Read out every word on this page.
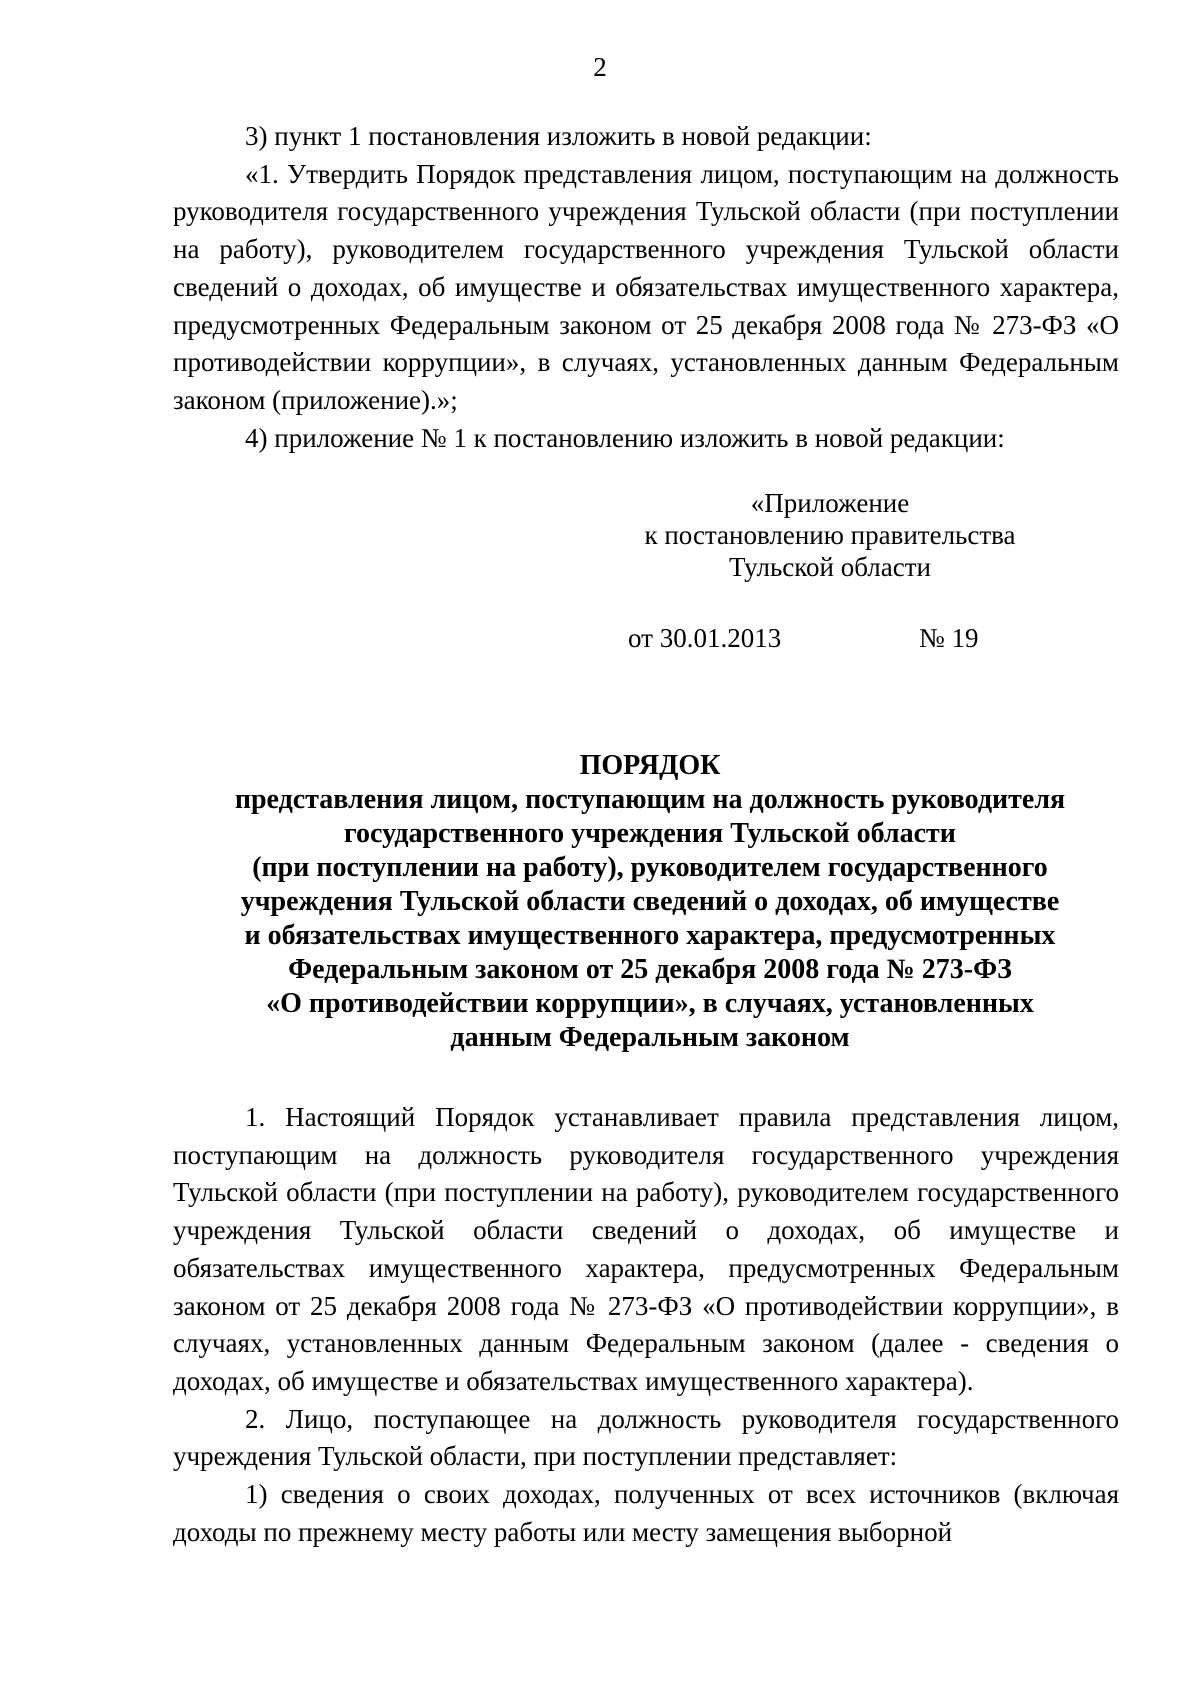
2

3) пункт 1 постановления изложить в новой редакции:

«1. Утвердить Порядок представления лицом, поступающим на должность руководителя государственного учреждения Тульской области (при поступлении на работу), руководителем государственного учреждения Тульской области сведений о доходах, об имуществе и обязательствах имущественного характера, предусмотренных Федеральным законом от 25 декабря 2008 года № 273-ФЗ «О противодействии коррупции», в случаях, установленных данным Федеральным законом (приложение).»;

4) приложение № 1 к постановлению изложить в новой редакции:

«Приложение
к постановлению правительства
Тульской области
от 30.01.2013	№ 19
ПОРЯДОК
представления лицом, поступающим на должность руководителя
государственного учреждения Тульской области
(при поступлении на работу), руководителем государственного
учреждения Тульской области сведений о доходах, об имуществе
и обязательствах имущественного характера, предусмотренных
Федеральным законом от 25 декабря 2008 года № 273-ФЗ
«О противодействии коррупции», в случаях, установленных
данным Федеральным законом

1. Настоящий Порядок устанавливает правила представления лицом, поступающим на должность руководителя государственного учреждения Тульской области (при поступлении на работу), руководителем государственного учреждения Тульской области сведений о доходах, об имуществе и обязательствах имущественного характера, предусмотренных Федеральным законом от 25 декабря 2008 года № 273-ФЗ «О противодействии коррупции», в случаях, установленных данным Федеральным законом (далее - сведения о доходах, об имуществе и обязательствах имущественного характера).

2. Лицо, поступающее на должность руководителя государственного учреждения Тульской области, при поступлении представляет:

1) сведения о своих доходах, полученных от всех источников (включая доходы по прежнему месту работы или месту замещения выборной
